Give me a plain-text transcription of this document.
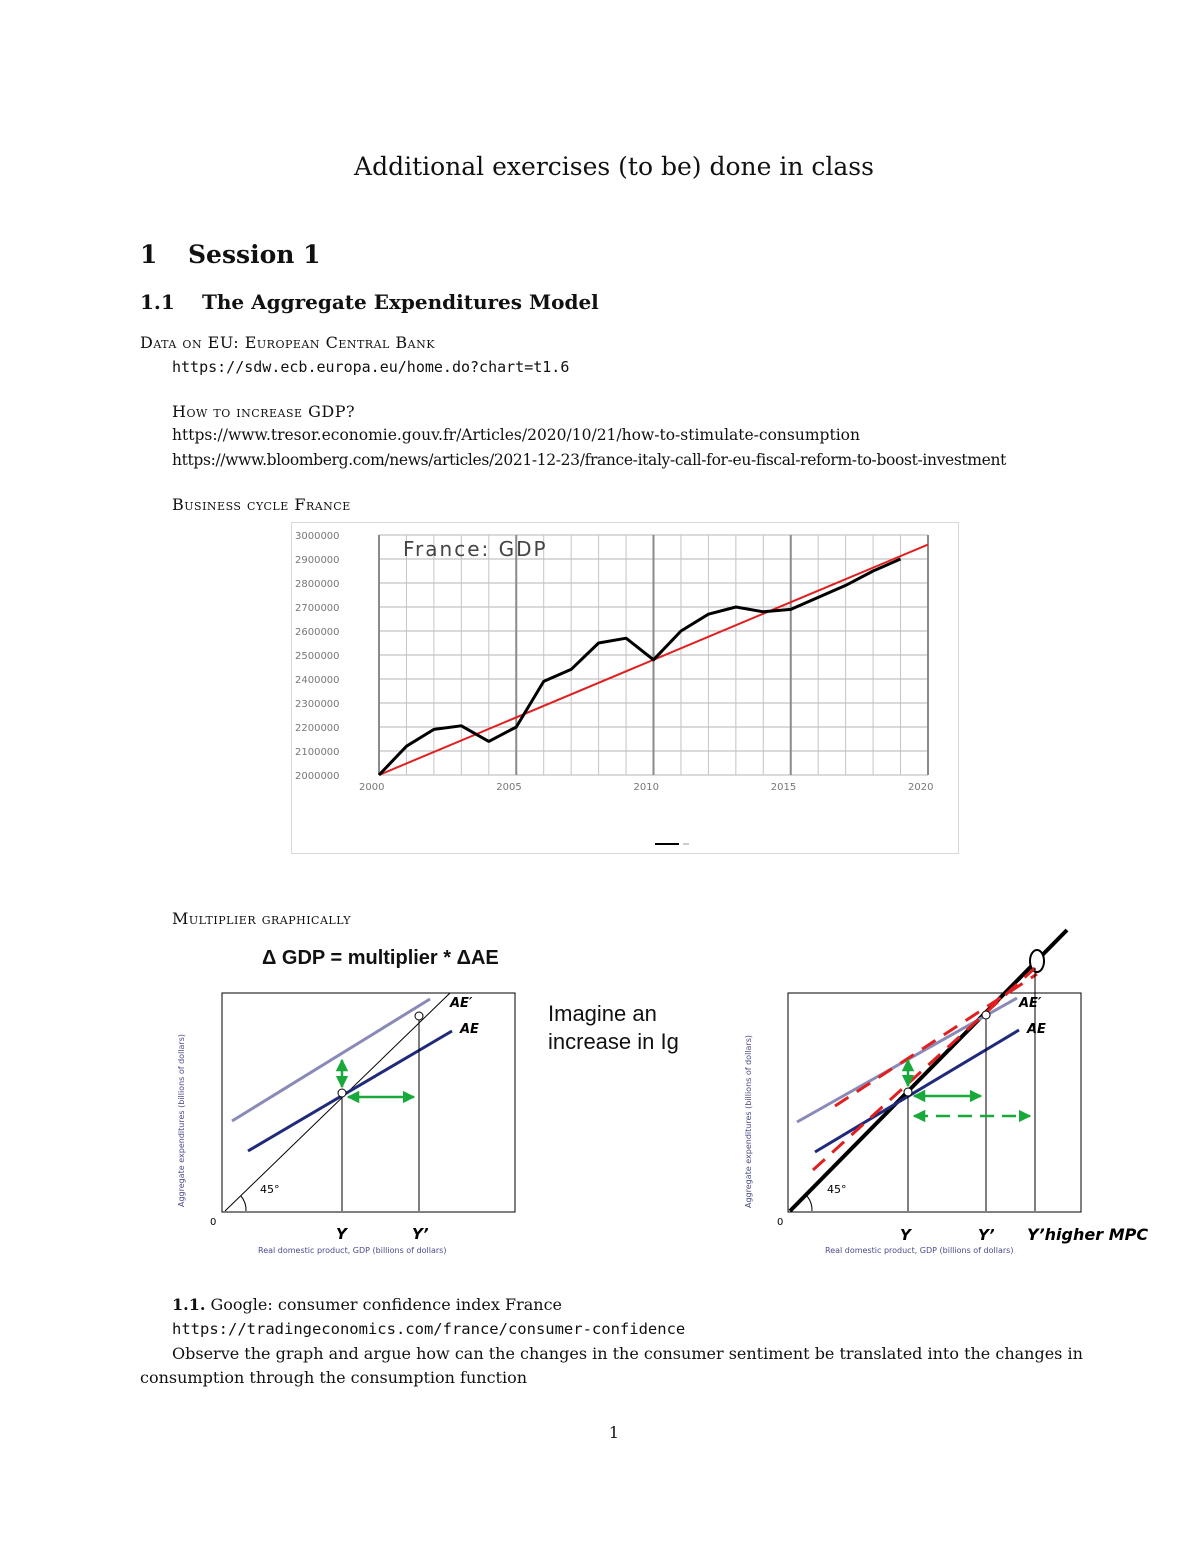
Additional exercises (to be) done in class
1 Session 1
1.1 The Aggregate Expenditures Model
Data on EU: European Central Bank
https://sdw.ecb.europa.eu/home.do?chart=t1.6
How to increase GDP?
https://www.tresor.economie.gouv.fr/Articles/2020/10/21/how-to-stimulate-consumption
https://www.bloomberg.com/news/articles/2021-12-23/france-italy-call-for-eu-fiscal-reform-to-boost-investment
Business cycle France
France: GDP
3000000
2900000
2800000
2700000
2600000
2500000
2400000
2300000
2200000
2100000
2000000
2000	2005	2010	2015	2020
Multiplier graphically
Δ GDP = multiplier * ΔAE
Imagine an
increase in Ig
45°
AE′
AE
0
Y	Y’
Real domestic product, GDP (billions of dollars)
Aggregate expenditures (billions of dollars)	45°
AE′
AE
0
Y	Y’ Y’higher MPC
Real domestic product, GDP (billions of dollars)
Aggregate expenditures (billions of dollars)
1.1. Google: consumer confidence index France
https://tradingeconomics.com/france/consumer-confidence
Observe the graph and argue how can the changes in the consumer sentiment be translated into the changes in consumption through the consumption function
1
